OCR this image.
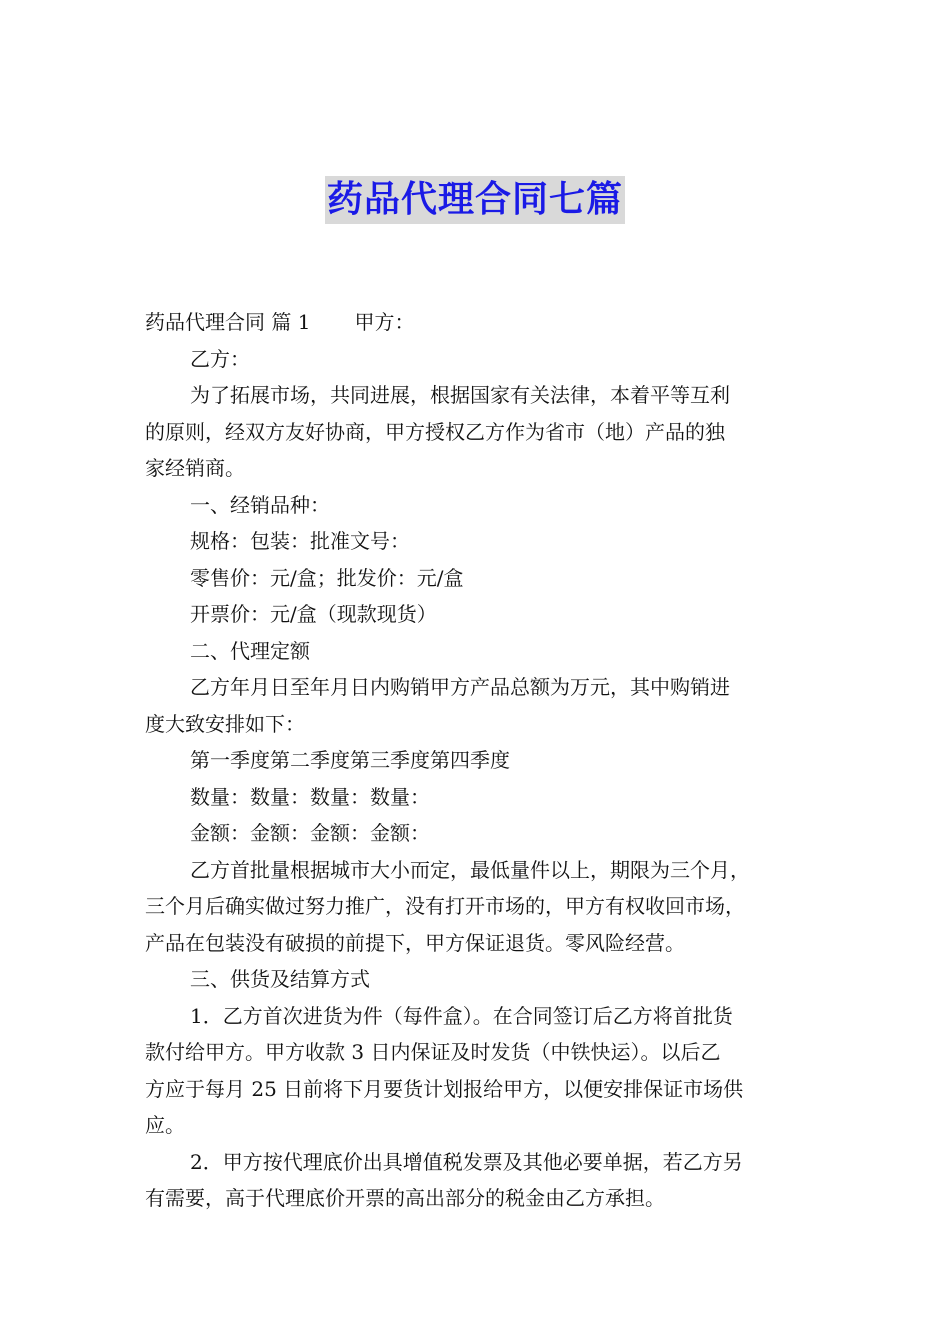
药品代理合同七篇
药品代理合同 篇 1 甲方：
乙方：
为了拓展市场，共同进展，根据国家有关法律，本着平等互利
的原则，经双方友好协商，甲方授权乙方作为省市（地）产品的独
家经销商。
一、经销品种：
规格：包装：批准文号：
零售价：元/盒；批发价：元/盒
开票价：元/盒（现款现货）
二、代理定额
乙方年月日至年月日内购销甲方产品总额为万元，其中购销进
度大致安排如下：
第一季度第二季度第三季度第四季度
数量：数量：数量：数量：
金额：金额：金额：金额：
乙方首批量根据城市大小而定，最低量件以上，期限为三个月，
三个月后确实做过努力推广，没有打开市场的，甲方有权收回市场，
产品在包装没有破损的前提下，甲方保证退货。零风险经营。
三、供货及结算方式
1．乙方首次进货为件（每件盒）。在合同签订后乙方将首批货
款付给甲方。甲方收款 3 日内保证及时发货（中铁快运）。以后乙
方应于每月 25 日前将下月要货计划报给甲方，以便安排保证市场供
应。
2．甲方按代理底价出具增值税发票及其他必要单据，若乙方另
有需要，高于代理底价开票的高出部分的税金由乙方承担。
